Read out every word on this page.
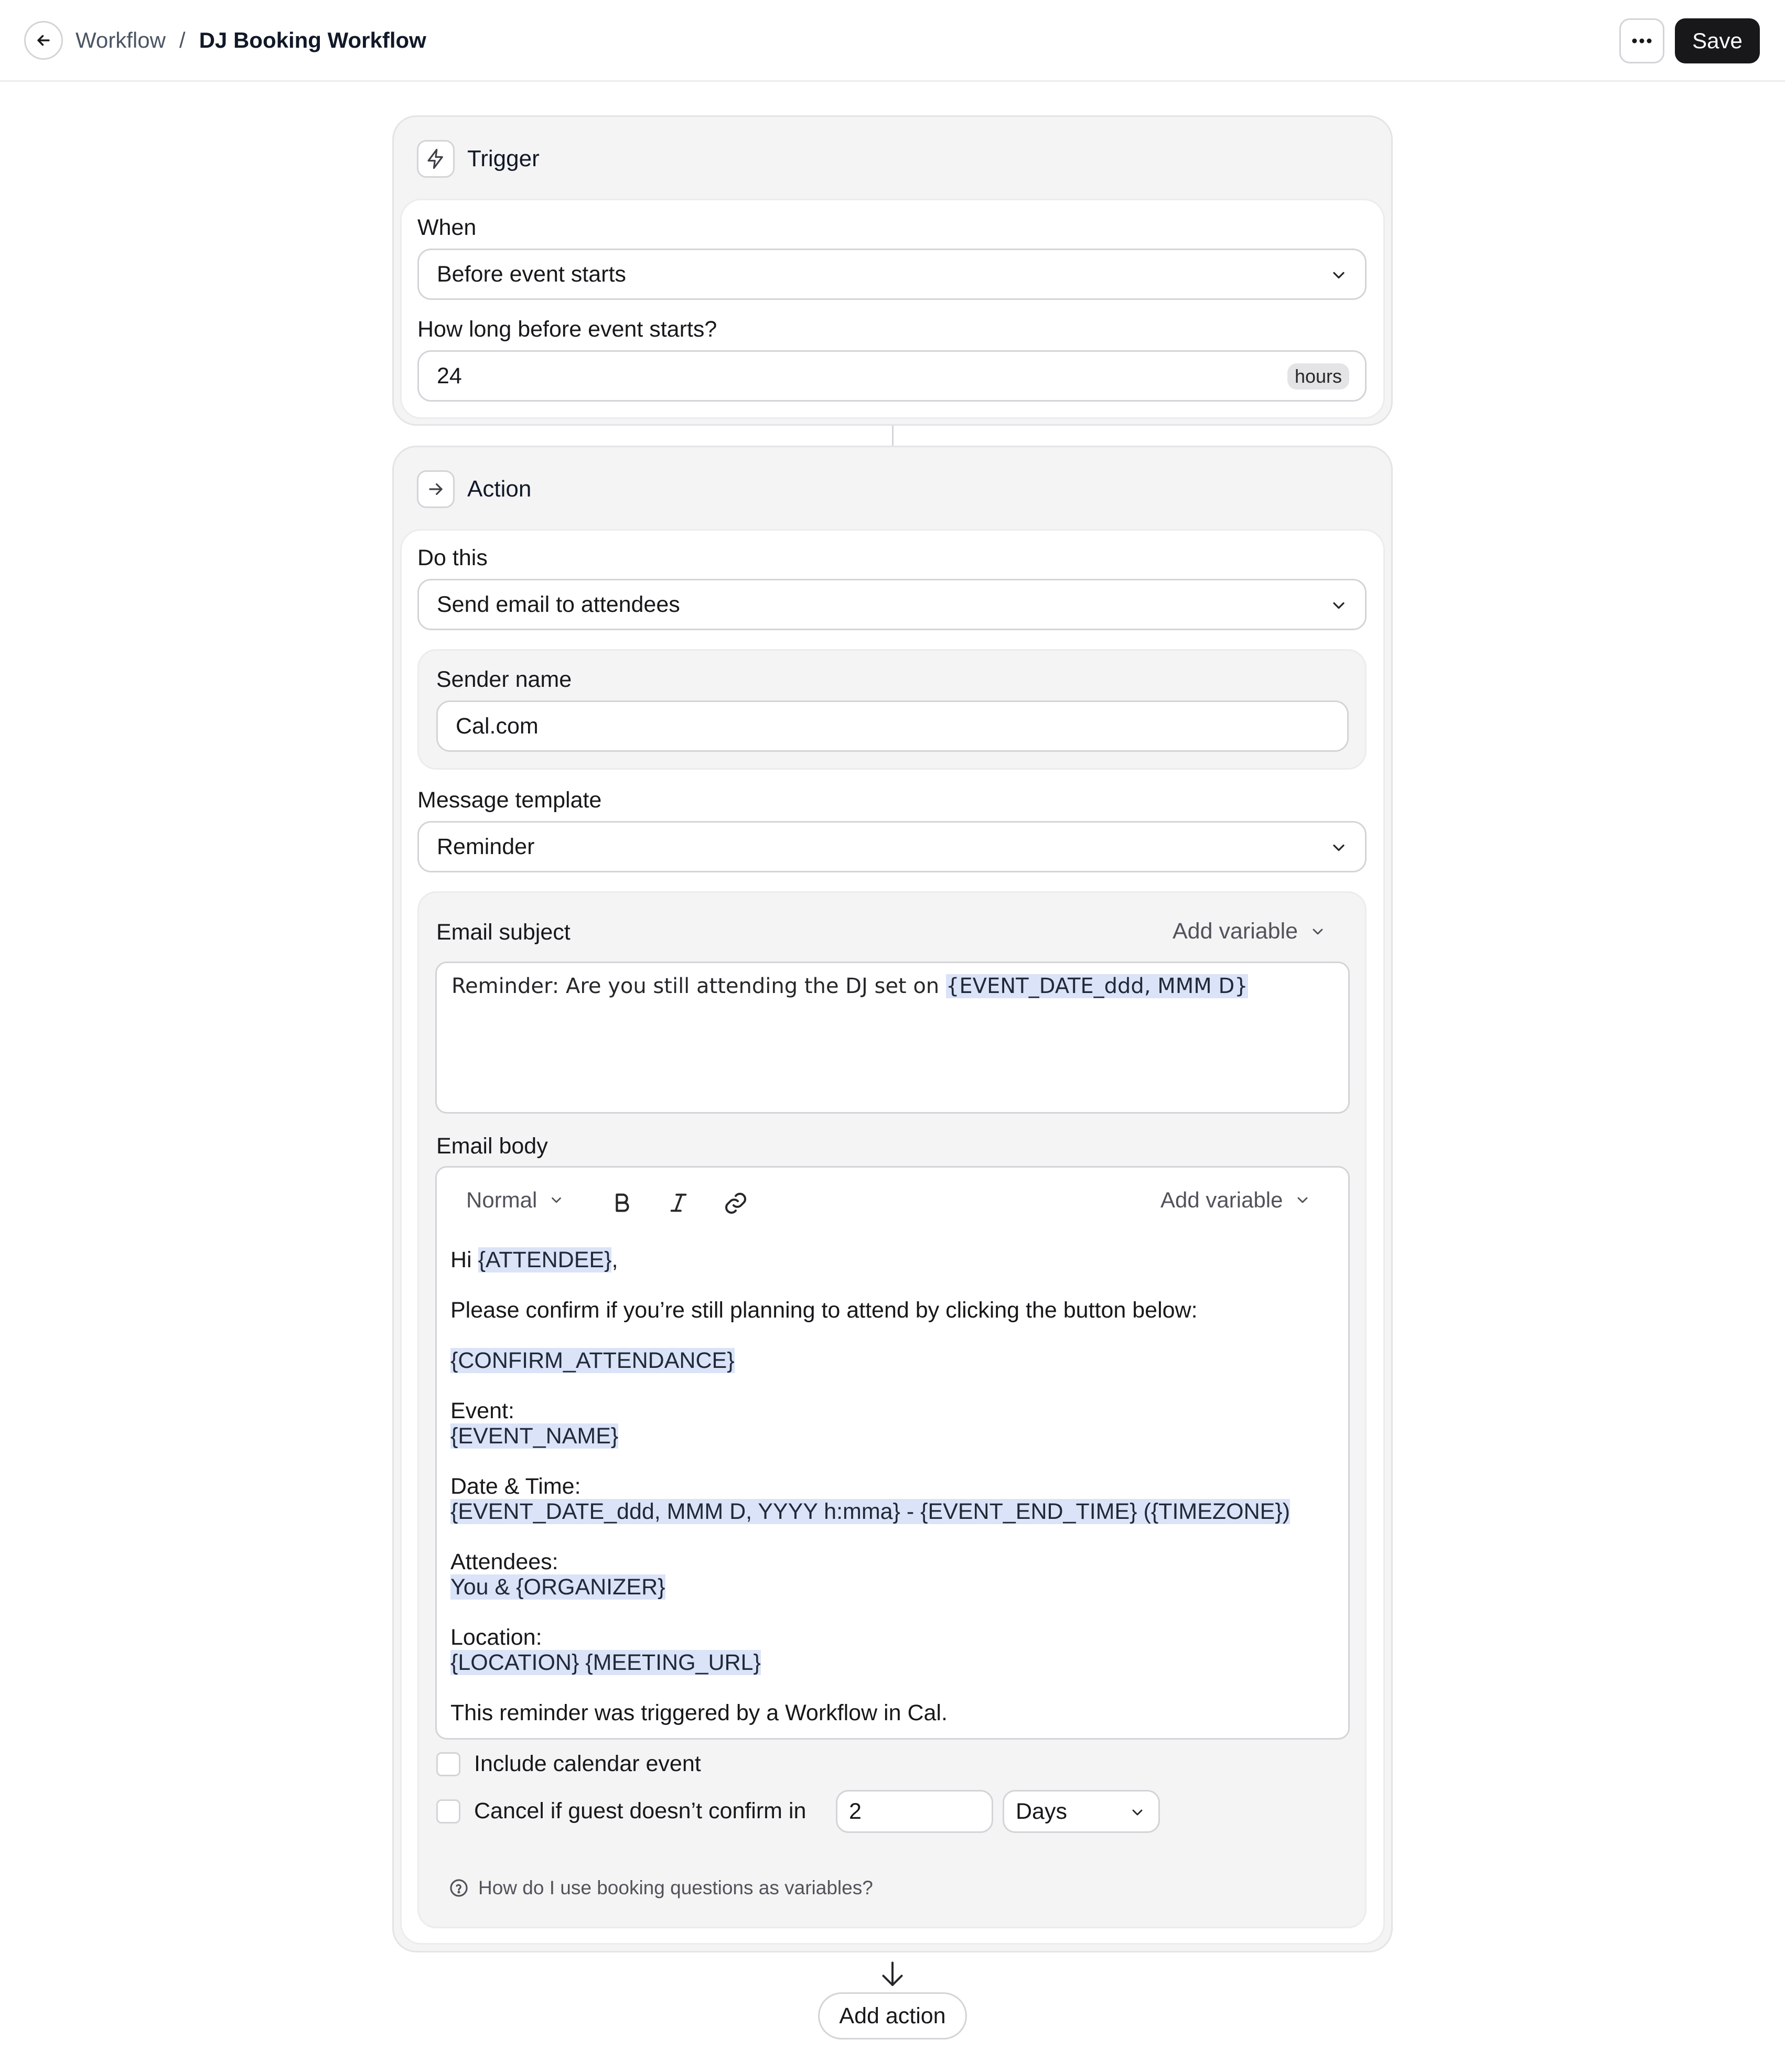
Workflow / DJ Booking Workflow	Save
Trigger
When
Before event starts
How long before event starts?
24	hours
Action
Do this
Send email to attendees
Sender name
Cal.com
Message template
Reminder
Email subject	Add variable
Reminder: Are you still attending the DJ set on {EVENT_DATE_ddd, MMM D}
Email body
Normal	Add variable
Hi {ATTENDEE},
Please confirm if you’re still planning to attend by clicking the button below:
{CONFIRM_ATTENDANCE}
Event:
{EVENT_NAME}
Date & Time:
{EVENT_DATE_ddd, MMM D, YYYY h:mma} - {EVENT_END_TIME} ({TIMEZONE})
Attendees:
You & {ORGANIZER}
Location:
{LOCATION} {MEETING_URL}
This reminder was triggered by a Workflow in Cal.
Include calendar event
Cancel if guest doesn’t confirm in 2	Days
How do I use booking questions as variables?
Add action
